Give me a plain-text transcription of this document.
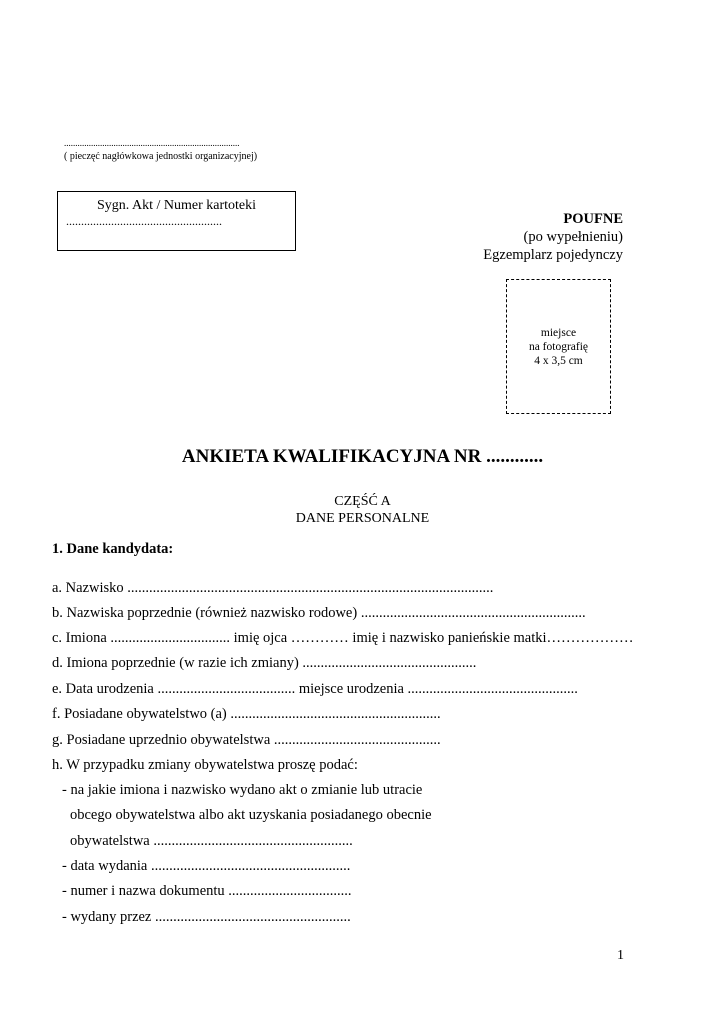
..............................................................................
( pieczęć nagłówkowa jednostki organizacyjnej)
Sygn. Akt / Numer kartoteki
....................................................	POUFNE
(po wypełnieniu)
Egzemplarz pojedynczy
miejsce
na fotografię
4 x 3,5 cm
ANKIETA KWALIFIKACYJNA NR ............
CZĘŚĆ A
DANE PERSONALNE
1. Dane kandydata:
a. Nazwisko .....................................................................................................
b. Nazwiska poprzednie (również nazwisko rodowe) ..............................................................
c. Imiona ................................. imię ojca ………… imię i nazwisko panieńskie matki………………
d. Imiona poprzednie (w razie ich zmiany) ................................................
e. Data urodzenia ...................................... miejsce urodzenia ...............................................
f. Posiadane obywatelstwo (a) ..........................................................
g. Posiadane uprzednio obywatelstwa ..............................................
h. W przypadku zmiany obywatelstwa proszę podać:
- na jakie imiona i nazwisko wydano akt o zmianie lub utracie
obcego obywatelstwa albo akt uzyskania posiadanego obecnie
obywatelstwa .......................................................
- data wydania .......................................................
- numer i nazwa dokumentu ..................................
- wydany przez ......................................................
1
